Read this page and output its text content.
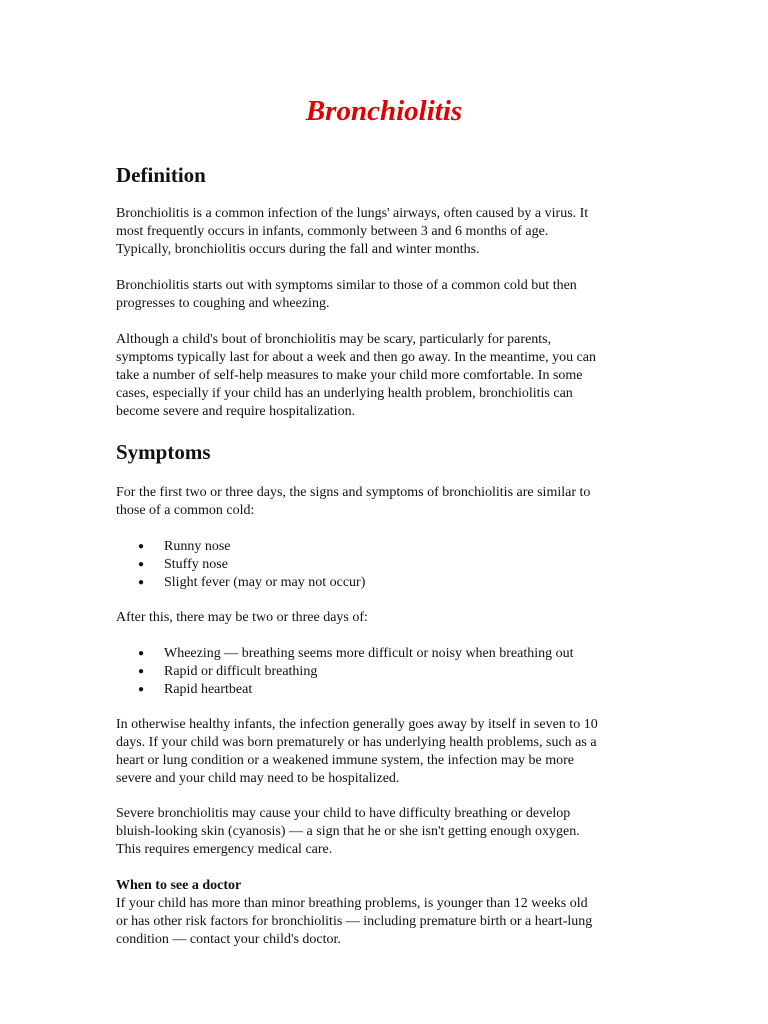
Bronchiolitis
Definition

Bronchiolitis is a common infection of the lungs' airways, often caused by a virus. It
most frequently occurs in infants, commonly between 3 and 6 months of age.
Typically, bronchiolitis occurs during the fall and winter months.

Bronchiolitis starts out with symptoms similar to those of a common cold but then
progresses to coughing and wheezing.

Although a child's bout of bronchiolitis may be scary, particularly for parents,
symptoms typically last for about a week and then go away. In the meantime, you can
take a number of self-help measures to make your child more comfortable. In some
cases, especially if your child has an underlying health problem, bronchiolitis can
become severe and require hospitalization.

Symptoms

For the first two or three days, the signs and symptoms of bronchiolitis are similar to
those of a common cold:

● Runny nose
● Stuffy nose
● Slight fever (may or may not occur)

After this, there may be two or three days of:

● Wheezing — breathing seems more difficult or noisy when breathing out
● Rapid or difficult breathing
● Rapid heartbeat

In otherwise healthy infants, the infection generally goes away by itself in seven to 10
days. If your child was born prematurely or has underlying health problems, such as a
heart or lung condition or a weakened immune system, the infection may be more
severe and your child may need to be hospitalized.

Severe bronchiolitis may cause your child to have difficulty breathing or develop
bluish-looking skin (cyanosis) — a sign that he or she isn't getting enough oxygen.
This requires emergency medical care.

When to see a doctor

If your child has more than minor breathing problems, is younger than 12 weeks old
or has other risk factors for bronchiolitis — including premature birth or a heart-lung
condition — contact your child's doctor.
